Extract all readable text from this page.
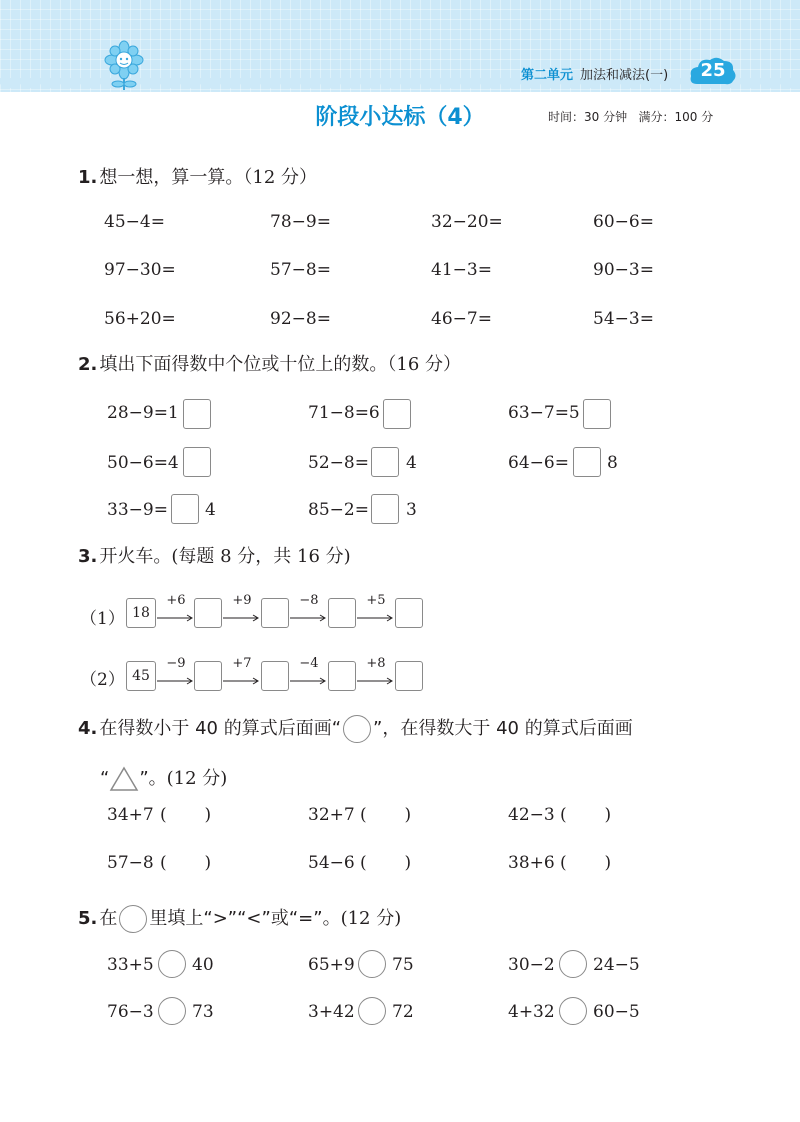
第二单元 加法和减法(一)	25
阶段小达标（4）	时间：30 分钟   满分：100 分
1. 想一想，算一算。（12 分）
45−4=	78−9=	32−20=	60−6=
97−30=	57−8=	41−3=	90−3=
56+20=	92−8=	46−7=	54−3=
2. 填出下面得数中个位或十位上的数。（16 分）
28−9=1	71−8=6	63−7=5
50−6=4	52−8= 4	64−6= 8
33−9= 4	85−2= 3
3. 开火车。(每题 8 分，共 16 分)
（1） 18
+6	+9	−8	+5
（2） 45
−9	+7	−4	+8
4. 在得数小于 40 的算式后面画“ ”，在得数大于 40 的算式后面画
“ ”。(12 分)
34+7 (       )	32+7 (       )	42−3 (       )
57−8 (       )	54−6 (       )	38+6 (       )
5. 在 里填上“>”“<”或“=”。(12 分)
33+5 40	65+9 75	30−2 24−5
76−3 73	3+42 72	4+32 60−5
